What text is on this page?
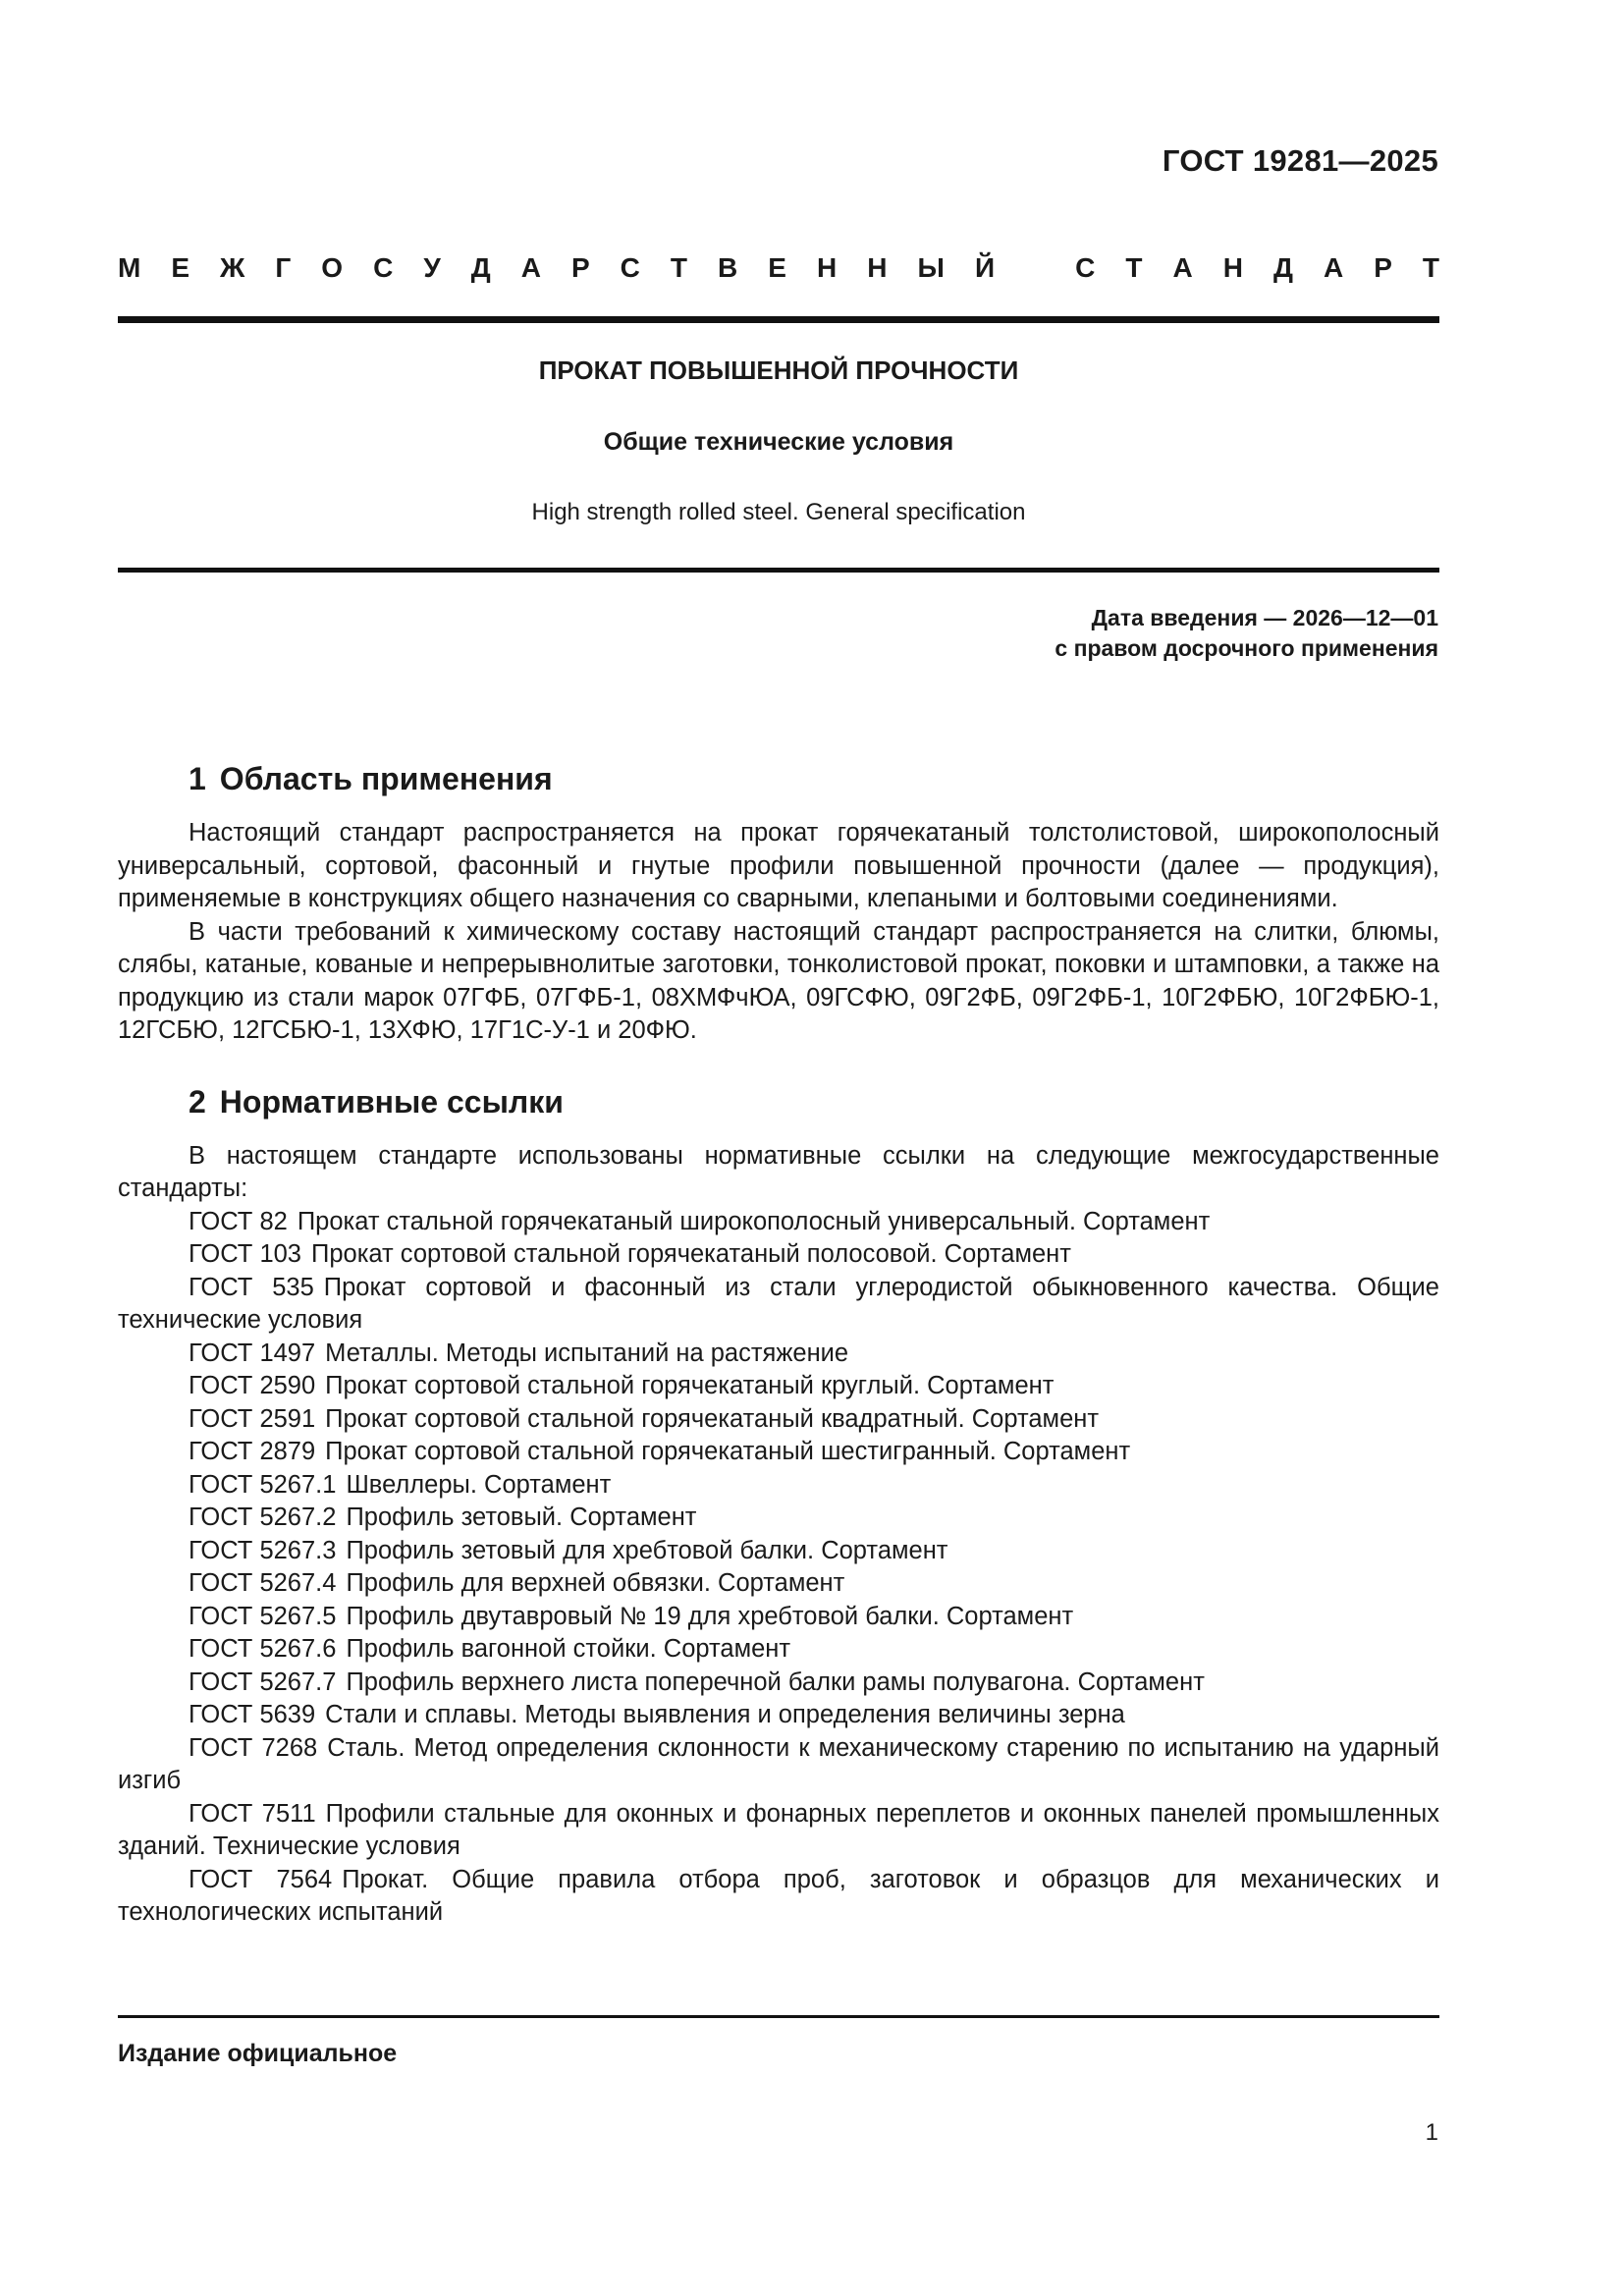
ГОСТ 19281—2025
М Е Ж Г О С У Д А Р С Т В Е Н Н Ы Й	С Т А Н Д А Р Т
ПРОКАТ ПОВЫШЕННОЙ ПРОЧНОСТИ
Общие технические условия
High strength rolled steel. General specification
Дата введения — 2026—12—01
с правом досрочного применения
1 Область применения

Настоящий стандарт распространяется на прокат горячекатаный толстолистовой, широкополосный универсальный, сортовой, фасонный и гнутые профили повышенной прочности (далее — продукция), применяемые в конструкциях общего назначения со сварными, клепаными и болтовыми соединениями.

В части требований к химическому составу настоящий стандарт распространяется на слитки, блюмы, слябы, катаные, кованые и непрерывнолитые заготовки, тонколистовой прокат, поковки и штамповки, а также на продукцию из стали марок 07ГФБ, 07ГФБ-1, 08ХМФчЮА, 09ГСФЮ, 09Г2ФБ, 09Г2ФБ-1, 10Г2ФБЮ, 10Г2ФБЮ-1, 12ГСБЮ, 12ГСБЮ-1, 13ХФЮ, 17Г1С-У-1 и 20ФЮ.

2 Нормативные ссылки

В настоящем стандарте использованы нормативные ссылки на следующие межгосударственные стандарты:

ГОСТ 82 Прокат стальной горячекатаный широкополосный универсальный. Сортамент

ГОСТ 103 Прокат сортовой стальной горячекатаный полосовой. Сортамент

ГОСТ 535 Прокат сортовой и фасонный из стали углеродистой обыкновенного качества. Общие технические условия

ГОСТ 1497 Металлы. Методы испытаний на растяжение

ГОСТ 2590 Прокат сортовой стальной горячекатаный круглый. Сортамент

ГОСТ 2591 Прокат сортовой стальной горячекатаный квадратный. Сортамент

ГОСТ 2879 Прокат сортовой стальной горячекатаный шестигранный. Сортамент

ГОСТ 5267.1 Швеллеры. Сортамент

ГОСТ 5267.2 Профиль зетовый. Сортамент

ГОСТ 5267.3 Профиль зетовый для хребтовой балки. Сортамент

ГОСТ 5267.4 Профиль для верхней обвязки. Сортамент

ГОСТ 5267.5 Профиль двутавровый № 19 для хребтовой балки. Сортамент

ГОСТ 5267.6 Профиль вагонной стойки. Сортамент

ГОСТ 5267.7 Профиль верхнего листа поперечной балки рамы полувагона. Сортамент

ГОСТ 5639 Стали и сплавы. Методы выявления и определения величины зерна

ГОСТ 7268 Сталь. Метод определения склонности к механическому старению по испытанию на ударный изгиб

ГОСТ 7511 Профили стальные для оконных и фонарных переплетов и оконных панелей промышленных зданий. Технические условия

ГОСТ 7564 Прокат. Общие правила отбора проб, заготовок и образцов для механических и технологических испытаний

Издание официальное
1
